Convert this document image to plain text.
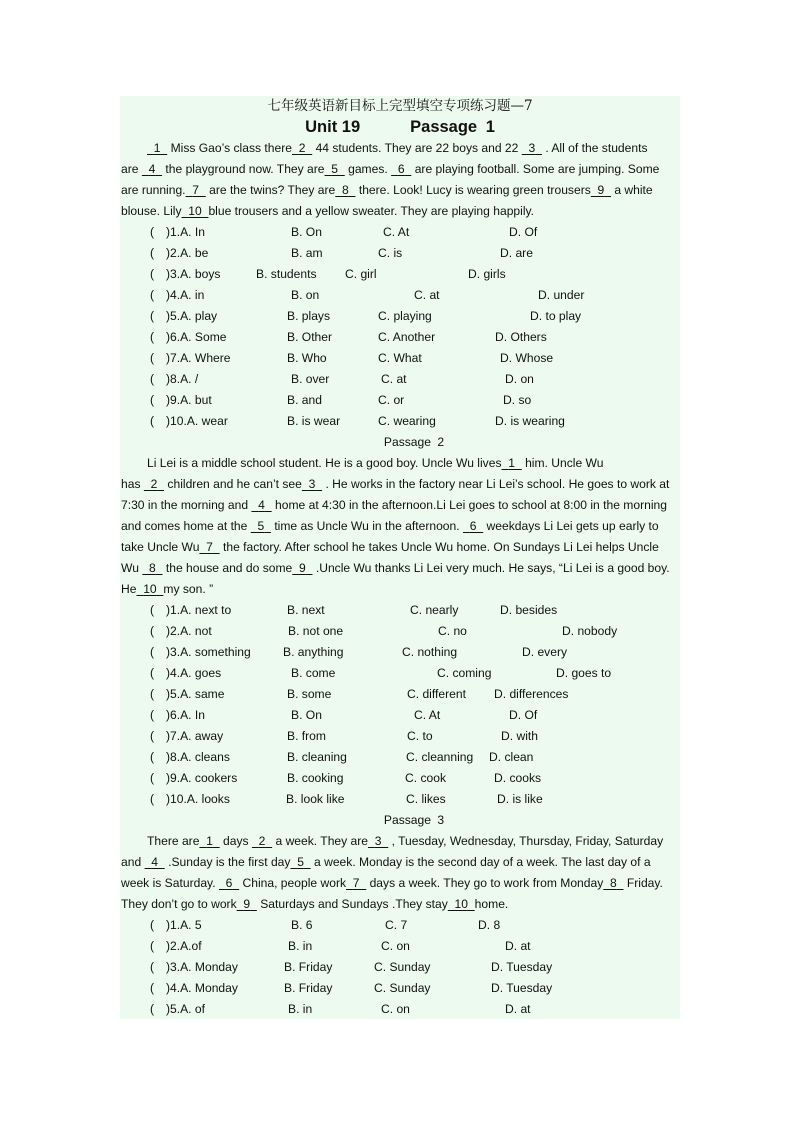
七年级英语新目标上完型填空专项练习题—7
Unit 19	Passage 1
1 Miss Gao’s class there 2 44 students. They are 22 boys and 22 3 . All of the students
are 4 the playground now. They are 5 games. 6 are playing football. Some are jumping. Some
are running. 7 are the twins? They are 8 there. Look! Lucy is wearing green trousers 9 a white
blouse. Lily 10 blue trousers and a yellow sweater. They are playing happily.
( )1.A. In	B. On	C. At	D. Of
( )2.A. be	B. am	C. is	D. are
( )3.A. boys	B. students C. girl	D. girls
( )4.A. in	B. on	C. at	D. under
( )5.A. play	B. plays	C. playing	D. to play
( )6.A. Some	B. Other	C. Another	D. Others
( )7.A. Where	B. Who	C. What	D. Whose
( )8.A. /	B. over	C. at	D. on
( )9.A. but	B. and	C. or	D. so
( )10.A. wear	B. is wear	C. wearing	D. is wearing
Passage 2
Li Lei is a middle school student. He is a good boy. Uncle Wu lives 1 him. Uncle Wu
has 2 children and he can’t see 3 . He works in the factory near Li Lei’s school. He goes to work at
7:30 in the morning and 4 home at 4:30 in the afternoon.Li Lei goes to school at 8:00 in the morning
and comes home at the 5 time as Uncle Wu in the afternoon. 6 weekdays Li Lei gets up early to
take Uncle Wu 7 the factory. After school he takes Uncle Wu home. On Sundays Li Lei helps Uncle
Wu 8 the house and do some 9 .Uncle Wu thanks Li Lei very much. He says, “Li Lei is a good boy.
He 10 my son. ”
( )1.A. next to	B. next	C. nearly	D. besides
( )2.A. not	B. not one	C. no	D. nobody
( )3.A. something	B. anything	C. nothing	D. every
( )4.A. goes	B. come	C. coming	D. goes to
( )5.A. same	B. some	C. different D. differences
( )6.A. In	B. On	C. At	D. Of
( )7.A. away	B. from	C. to	D. with
( )8.A. cleans	B. cleaning	C. cleanning D. clean
( )9.A. cookers	B. cooking	C. cook	D. cooks
( )10.A. looks	B. look like	C. likes	D. is like
Passage 3
There are 1 days 2 a week. They are 3 , Tuesday, Wednesday, Thursday, Friday, Saturday
and 4 .Sunday is the first day 5 a week. Monday is the second day of a week. The last day of a
week is Saturday. 6 China, people work 7 days a week. They go to work from Monday 8 Friday.
They don’t go to work 9 Saturdays and Sundays .They stay 10 home.
( )1.A. 5	B. 6	C. 7	D. 8
( )2.A.of	B. in	C. on	D. at
( )3.A. Monday	B. Friday	C. Sunday	D. Tuesday
( )4.A. Monday	B. Friday	C. Sunday	D. Tuesday
( )5.A. of	B. in	C. on	D. at
